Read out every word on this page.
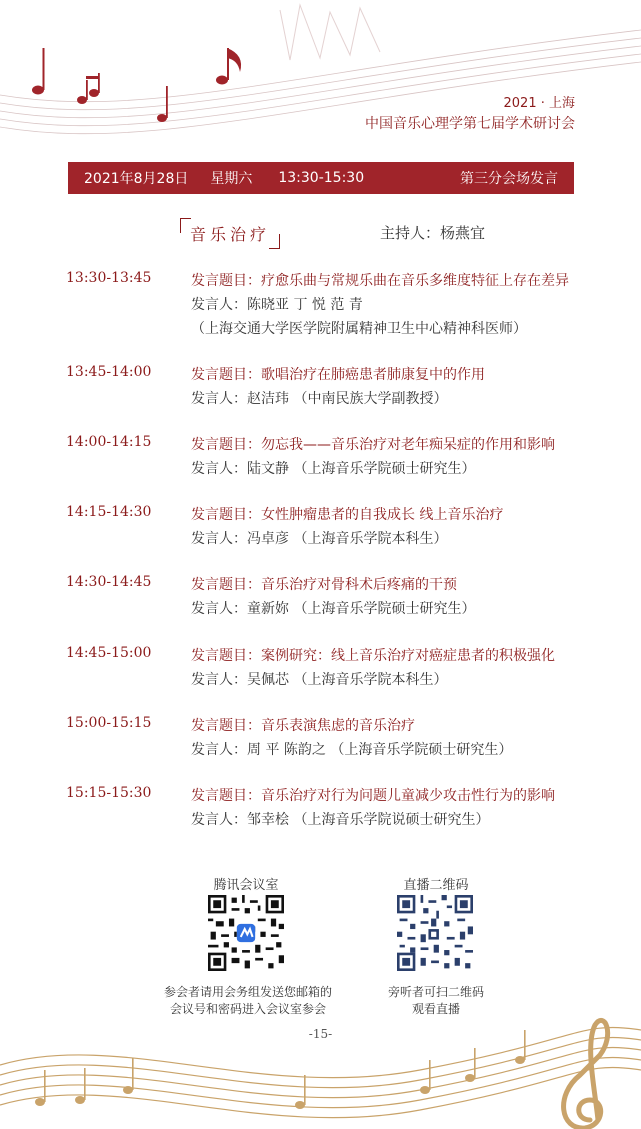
2021 · 上海
中国音乐心理学第七届学术研讨会
2021年8月28日 星期六 13:30-15:30	第三分会场发言
音乐治疗	主持人：杨燕宜
13:30-13:45	发言题目：疗愈乐曲与常规乐曲在音乐多维度特征上存在差异
发言人：陈晓亚 丁 悦 范 青
（上海交通大学医学院附属精神卫生中心精神科医师）
13:45-14:00	发言题目：歌唱治疗在肺癌患者肺康复中的作用
发言人：赵洁玮 （中南民族大学副教授）
14:00-14:15	发言题目：勿忘我——音乐治疗对老年痴呆症的作用和影响
发言人：陆文静 （上海音乐学院硕士研究生）
14:15-14:30	发言题目：女性肿瘤患者的自我成长 线上音乐治疗
发言人：冯卓彦 （上海音乐学院本科生）
14:30-14:45	发言题目：音乐治疗对骨科术后疼痛的干预
发言人：童新妳 （上海音乐学院硕士研究生）
14:45-15:00	发言题目：案例研究：线上音乐治疗对癌症患者的积极强化
发言人：吴佩芯 （上海音乐学院本科生）
15:00-15:15	发言题目：音乐表演焦虑的音乐治疗
发言人：周 平 陈韵之 （上海音乐学院硕士研究生）
15:15-15:30	发言题目：音乐治疗对行为问题儿童减少攻击性行为的影响
发言人：邹幸桧 （上海音乐学院说硕士研究生）
腾讯会议室
参会者请用会务组发送您邮箱的
会议号和密码进入会议室参会
直播二维码
旁听者可扫二维码
观看直播
-15-
